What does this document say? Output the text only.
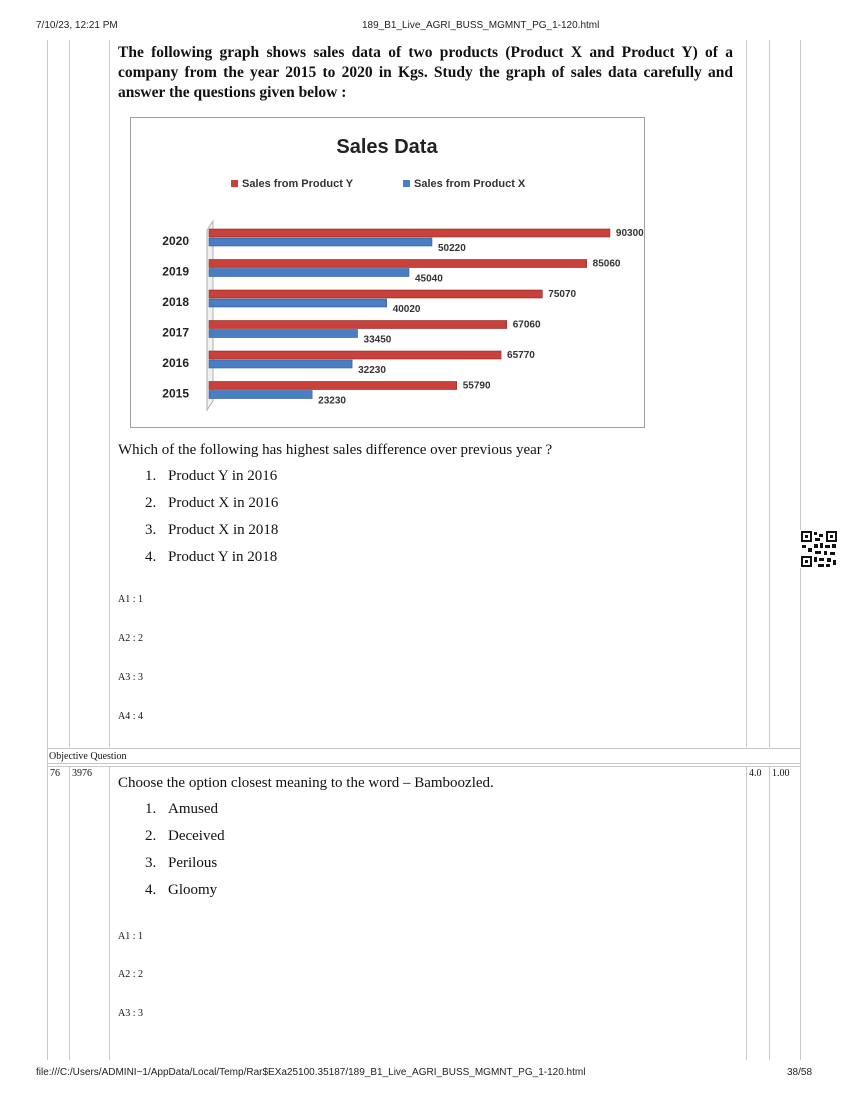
7/10/23, 12:21 PM	189_B1_Live_AGRI_BUSS_MGMNT_PG_1-120.html
The following graph shows sales data of two products (Product X and Product Y) of a company from the year 2015 to 2020 in Kgs. Study the graph of sales data carefully and answer the questions given below :
Sales Data
Sales from Product Y	Sales from Product X
2015
55790
23230
2016
65770
32230
2017
67060
33450
2018
75070
40020
2019
85060
45040
2020
90300
50220
Which of the following has highest sales difference over previous year ?
1. Product Y in 2016
2. Product X in 2016
3. Product X in 2018
4. Product Y in 2018
A1 : 1
A2 : 2
A3 : 3
A4 : 4
Objective Question
76 3976	4.0 1.00
Choose the option closest meaning to the word – Bamboozled.
1. Amused
2. Deceived
3. Perilous
4. Gloomy
A1 : 1
A2 : 2
A3 : 3
file:///C:/Users/ADMINI~1/AppData/Local/Temp/Rar$EXa25100.35187/189_B1_Live_AGRI_BUSS_MGMNT_PG_1-120.html	38/58
